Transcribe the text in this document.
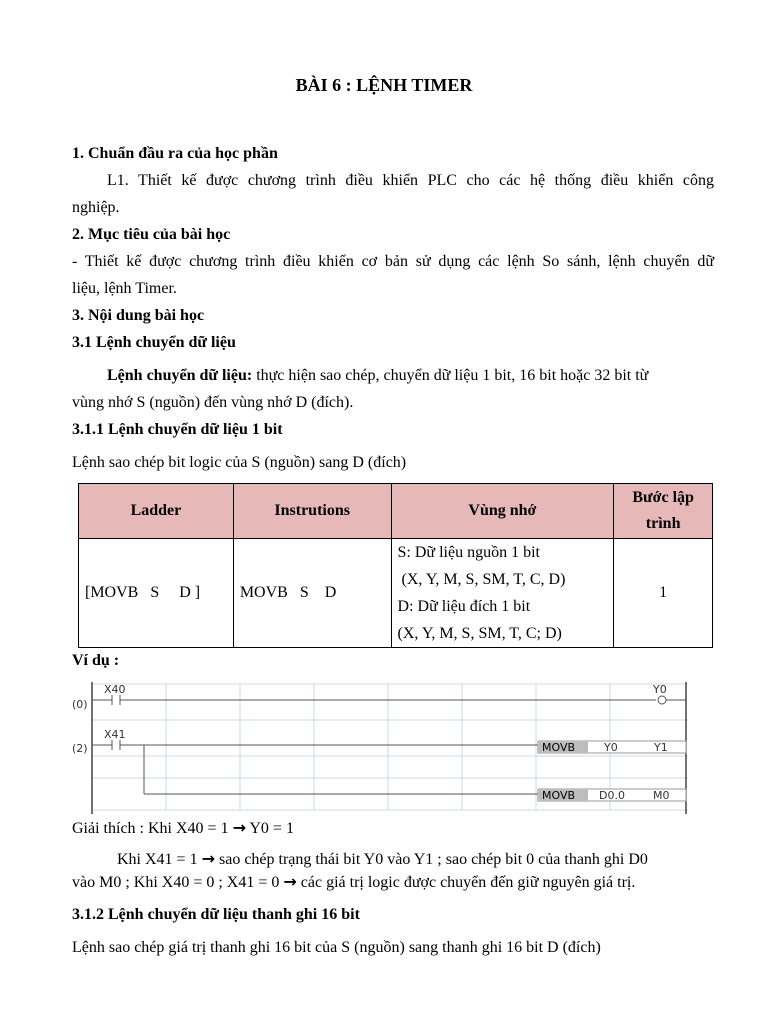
BÀI 6 : LỆNH TIMER
1. Chuẩn đầu ra của học phần
L1. Thiết kế được chương trình điều khiển PLC cho các hệ thống điều khiển công
nghiệp.
2. Mục tiêu của bài học
- Thiết kế được chương trình điều khiển cơ bản sử dụng các lệnh So sánh, lệnh chuyển dữ
liệu, lệnh Timer.
3. Nội dung bài học
3.1 Lệnh chuyển dữ liệu
Lệnh chuyển dữ liệu: thực hiện sao chép, chuyển dữ liệu 1 bit, 16 bit hoặc 32 bit từ
vùng nhớ S (nguồn) đến vùng nhớ D (đích).
3.1.1 Lệnh chuyển dữ liệu 1 bit
Lệnh sao chép bit logic của S (nguồn) sang D (đích)
Ladder	Instrutions	Vùng nhớ	Bước lập trình
[MOVB   S     D ]	MOVB   S    D	S: Dữ liệu nguồn 1 bit
(X, Y, M, S, SM, T, C, D)
D: Dữ liệu đích 1 bit
(X, Y, M, S, SM, T, C; D)	1
Ví dụ :
(0)
(2)
X40	Y0
X41
MOVB	Y0	Y1
MOVB D0.0	M0
Giải thích : Khi X40 = 1 → Y0 = 1
Khi X41 = 1 → sao chép trạng thái bit Y0 vào Y1 ; sao chép bit 0 của thanh ghi D0
vào M0 ; Khi X40 = 0 ; X41 = 0 → các giá trị logic được chuyển đến giữ nguyên giá trị.
3.1.2 Lệnh chuyển dữ liệu thanh ghi 16 bit
Lệnh sao chép giá trị thanh ghi 16 bit của S (nguồn) sang thanh ghi 16 bit D (đích)
